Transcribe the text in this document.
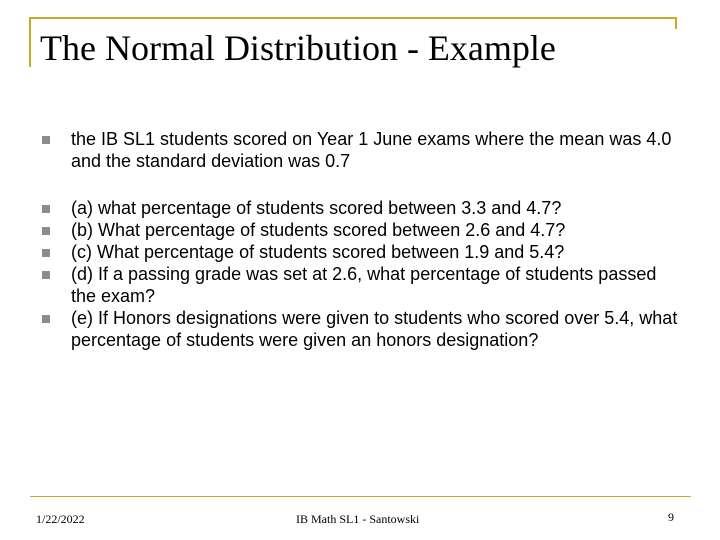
The Normal Distribution - Example
the IB SL1 students scored on Year 1 June exams where the mean was 4.0 and the standard deviation was 0.7
(a) what percentage of students scored between 3.3 and 4.7?
(b) What percentage of students scored between 2.6 and 4.7?
(c) What percentage of students scored between 1.9 and 5.4?
(d) If a passing grade was set at 2.6, what percentage of students passed the exam?
(e) If Honors designations were given to students who scored over 5.4, what percentage of students were given an honors designation?
1/22/2022	IB Math SL1 - Santowski	9
